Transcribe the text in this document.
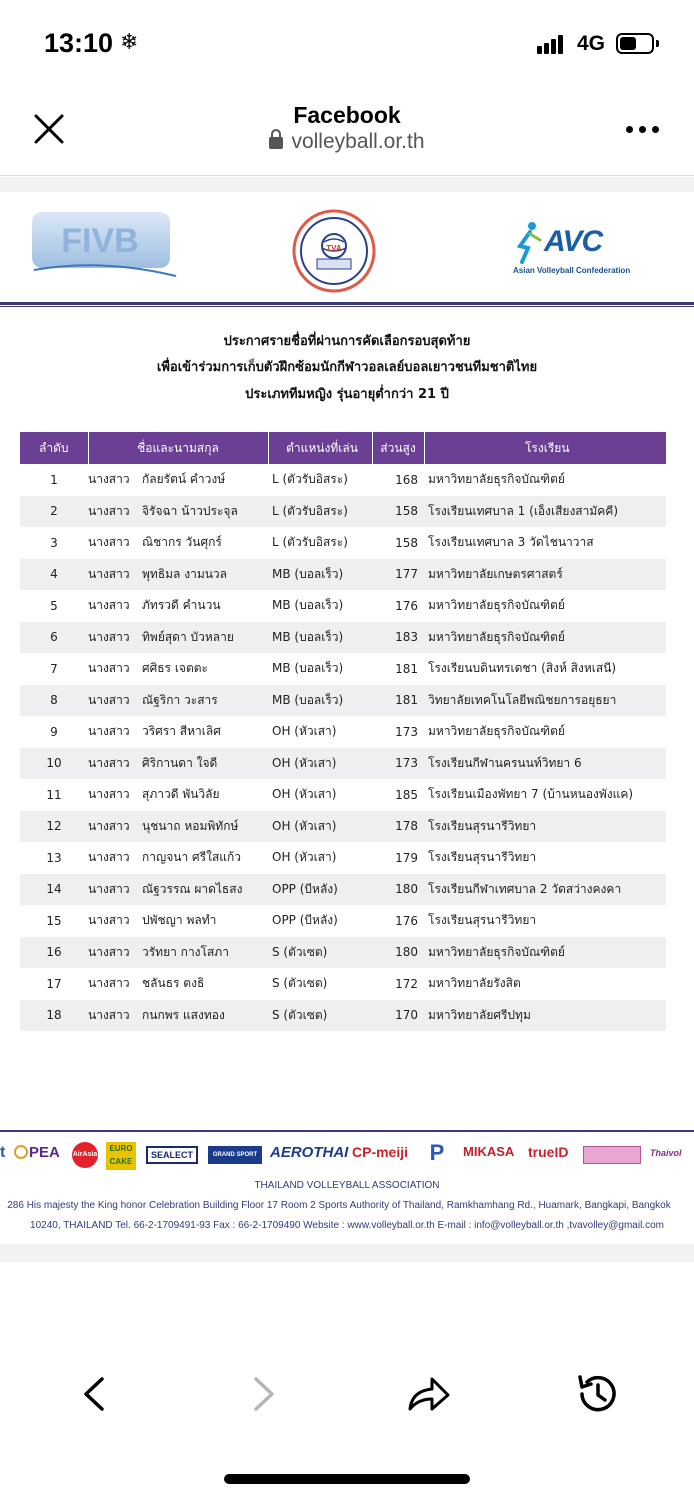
13:10 ❄	4G
Facebook
volleyball.or.th
FIVB	TVA	AVC
Asian Volleyball Confederation
ประกาศรายชื่อที่ผ่านการคัดเลือกรอบสุดท้าย
เพื่อเข้าร่วมการเก็บตัวฝึกซ้อมนักกีฬาวอลเลย์บอลเยาวชนทีมชาติไทย
ประเภททีมหญิง รุ่นอายุต่ำกว่า 21 ปี
ลำดับ	ชื่อและนามสกุล	ตำแหน่งที่เล่น	ส่วนสูง	โรงเรียน
1	นางสาว กัลยรัตน์ คำวงษ์	L (ตัวรับอิสระ)	168	มหาวิทยาลัยธุรกิจบัณฑิตย์
2	นางสาว จิรัจฉา น้าวประจุล	L (ตัวรับอิสระ)	158	โรงเรียนเทศบาล 1 (เอ็งเสียงสามัคคี)
3	นางสาว ณิชากร วันศุกร์	L (ตัวรับอิสระ)	158	โรงเรียนเทศบาล 3 วัดไชนาวาส
4	นางสาว พุทธิมล งามนวล	MB (บอลเร็ว)	177	มหาวิทยาลัยเกษตรศาสตร์
5	นางสาว ภัทรวดี คำนวน	MB (บอลเร็ว)	176	มหาวิทยาลัยธุรกิจบัณฑิตย์
6	นางสาว ทิพย์สุดา บัวหลาย	MB (บอลเร็ว)	183	มหาวิทยาลัยธุรกิจบัณฑิตย์
7	นางสาว ศศิธร เจตตะ	MB (บอลเร็ว)	181	โรงเรียนบดินทรเดชา (สิงห์ สิงหเสนี)
8	นางสาว ณัฐริกา วะสาร	MB (บอลเร็ว)	181	วิทยาลัยเทคโนโลยีพณิชยการอยุธยา
9	นางสาว วริศรา สีหาเลิศ	OH (หัวเสา)	173	มหาวิทยาลัยธุรกิจบัณฑิตย์
10	นางสาว ศิริกานดา ใจดี	OH (หัวเสา)	173	โรงเรียนกีฬานครนนท์วิทยา 6
11	นางสาว สุภาวดี พันวิลัย	OH (หัวเสา)	185	โรงเรียนเมืองพัทยา 7 (บ้านหนองพังแค)
12	นางสาว นุชนาถ หอมพิทักษ์	OH (หัวเสา)	178	โรงเรียนสุรนารีวิทยา
13	นางสาว กาญจนา ศรีใสแก้ว	OH (หัวเสา)	179	โรงเรียนสุรนารีวิทยา
14	นางสาว ณัฐวรรณ ผาดไธสง	OPP (บีหลัง)	180	โรงเรียนกีฬาเทศบาล 2 วัดสว่างคงคา
15	นางสาว ปพัชญา พลทำ	OPP (บีหลัง)	176	โรงเรียนสุรนารีวิทยา
16	นางสาว วรัทยา กางโสภา	S (ตัวเซต)	180	มหาวิทยาลัยธุรกิจบัณฑิตย์
17	นางสาว ชลันธร ตงธิ	S (ตัวเซต)	172	มหาวิทยาลัยรังสิต
18	นางสาว กนกพร แสงทอง	S (ตัวเซต)	170	มหาวิทยาลัยศรีปทุม
t	PEA AirAsia
EURO CAKE
SEALECT	GRAND SPORT AEROTHAI CP-meiji P	MIKASA trueID	Thaivol
THAILAND VOLLEYBALL ASSOCIATION
286 His majesty the King honor Celebration Building Floor 17 Room 2 Sports Authority of Thailand, Ramkhamhang Rd., Huamark, Bangkapi, Bangkok
10240, THAILAND Tel. 66-2-1709491-93 Fax : 66-2-1709490 Website : www.volleyball.or.th E-mail : info@volleyball.or.th ,tvavolley@gmail.com
